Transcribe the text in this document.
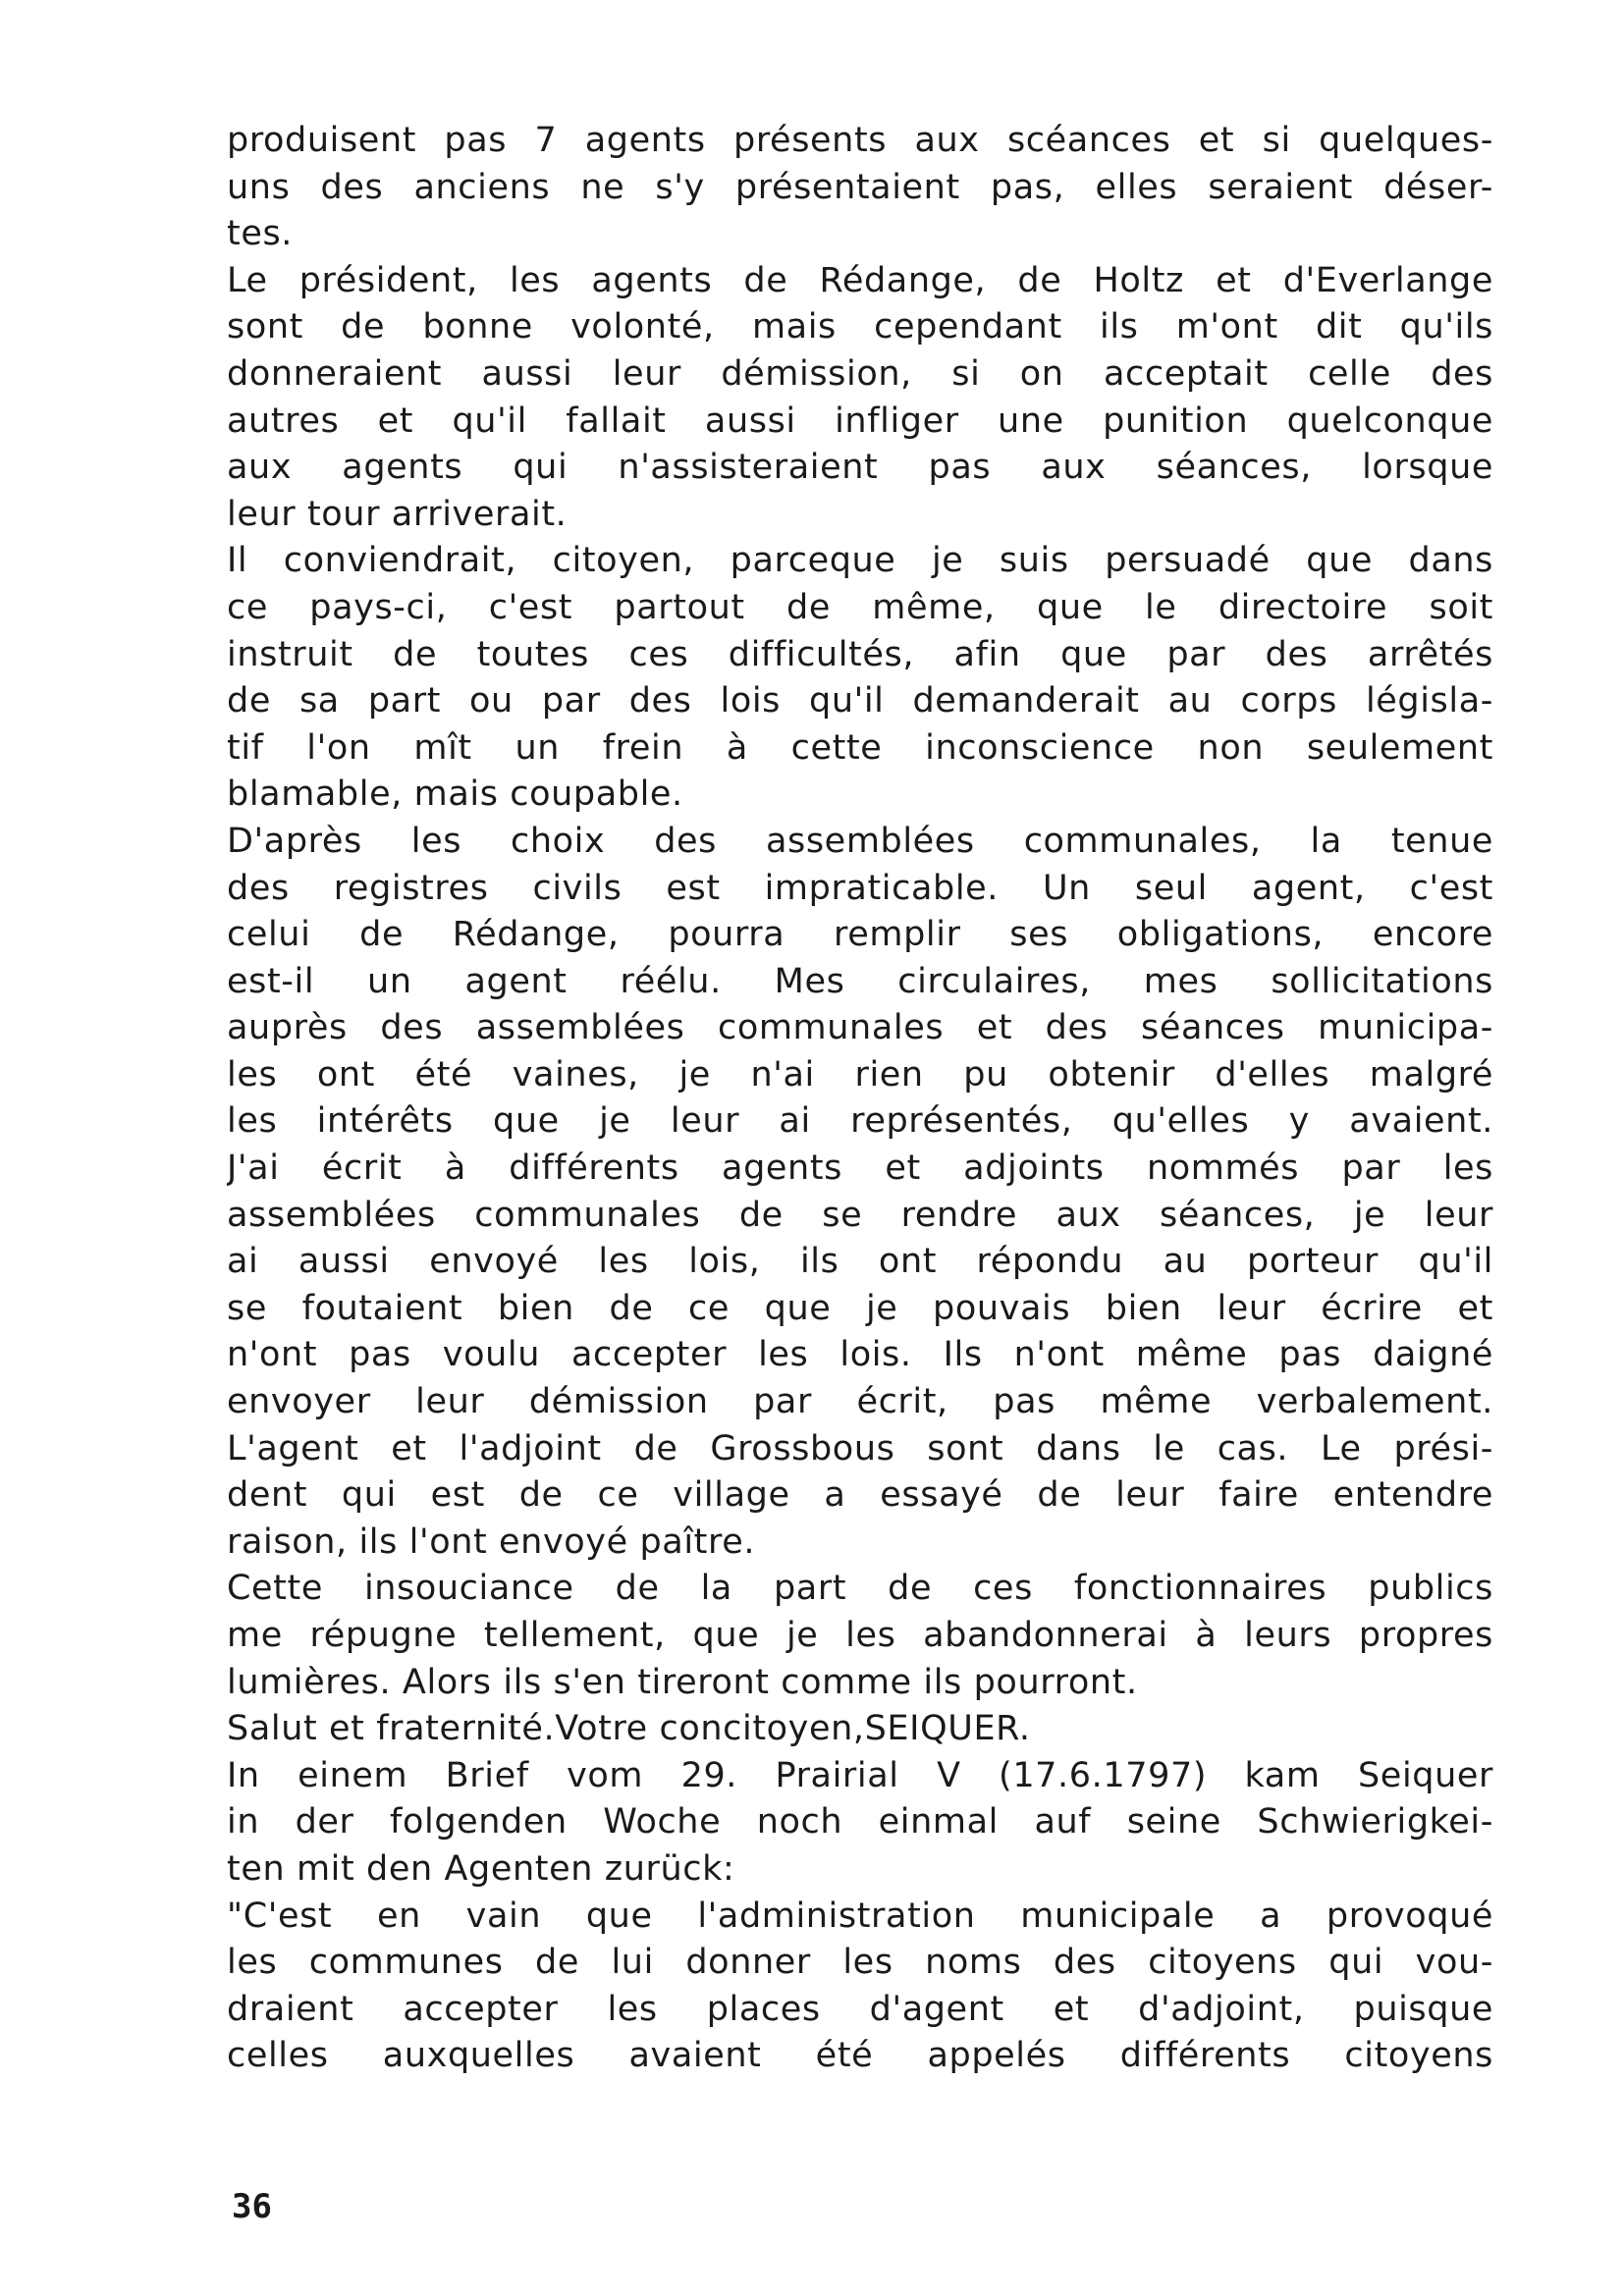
produisent pas 7 agents présents aux scéances et si quelques-
uns des anciens ne s'y présentaient pas, elles seraient déser-
tes.
Le président, les agents de Rédange, de Holtz et d'Everlange
sont de bonne volonté, mais cependant ils m'ont dit qu'ils
donneraient aussi leur démission, si on acceptait celle des
autres et qu'il fallait aussi infliger une punition quelconque
aux agents qui n'assisteraient pas aux séances, lorsque
leur tour arriverait.
Il conviendrait, citoyen, parceque je suis persuadé que dans
ce pays-ci, c'est partout de même, que le directoire soit
instruit de toutes ces difficultés, afin que par des arrêtés
de sa part ou par des lois qu'il demanderait au corps législa-
tif l'on mît un frein à cette inconscience non seulement
blamable, mais coupable.
D'après les choix des assemblées communales, la tenue
des registres civils est impraticable. Un seul agent, c'est
celui de Rédange, pourra remplir ses obligations, encore
est-il un agent réélu. Mes circulaires, mes sollicitations
auprès des assemblées communales et des séances municipa-
les ont été vaines, je n'ai rien pu obtenir d'elles malgré
les intérêts que je leur ai représentés, qu'elles y avaient.
J'ai écrit à différents agents et adjoints nommés par les
assemblées communales de se rendre aux séances, je leur
ai aussi envoyé les lois, ils ont répondu au porteur qu'il
se foutaient bien de ce que je pouvais bien leur écrire et
n'ont pas voulu accepter les lois. Ils n'ont même pas daigné
envoyer leur démission par écrit, pas même verbalement.
L'agent et l'adjoint de Grossbous sont dans le cas. Le prési-
dent qui est de ce village a essayé de leur faire entendre
raison, ils l'ont envoyé paître.
Cette insouciance de la part de ces fonctionnaires publics
me répugne tellement, que je les abandonnerai à leurs propres
lumières. Alors ils s'en tireront comme ils pourront.
Salut et fraternité.Votre concitoyen,SEIQUER.
In einem Brief vom 29. Prairial V (17.6.1797) kam Seiquer
in der folgenden Woche noch einmal auf seine Schwierigkei-
ten mit den Agenten zurück:
"C'est en vain que l'administration municipale a provoqué
les communes de lui donner les noms des citoyens qui vou-
draient accepter les places d'agent et d'adjoint, puisque
celles auxquelles avaient été appelés différents citoyens
36
